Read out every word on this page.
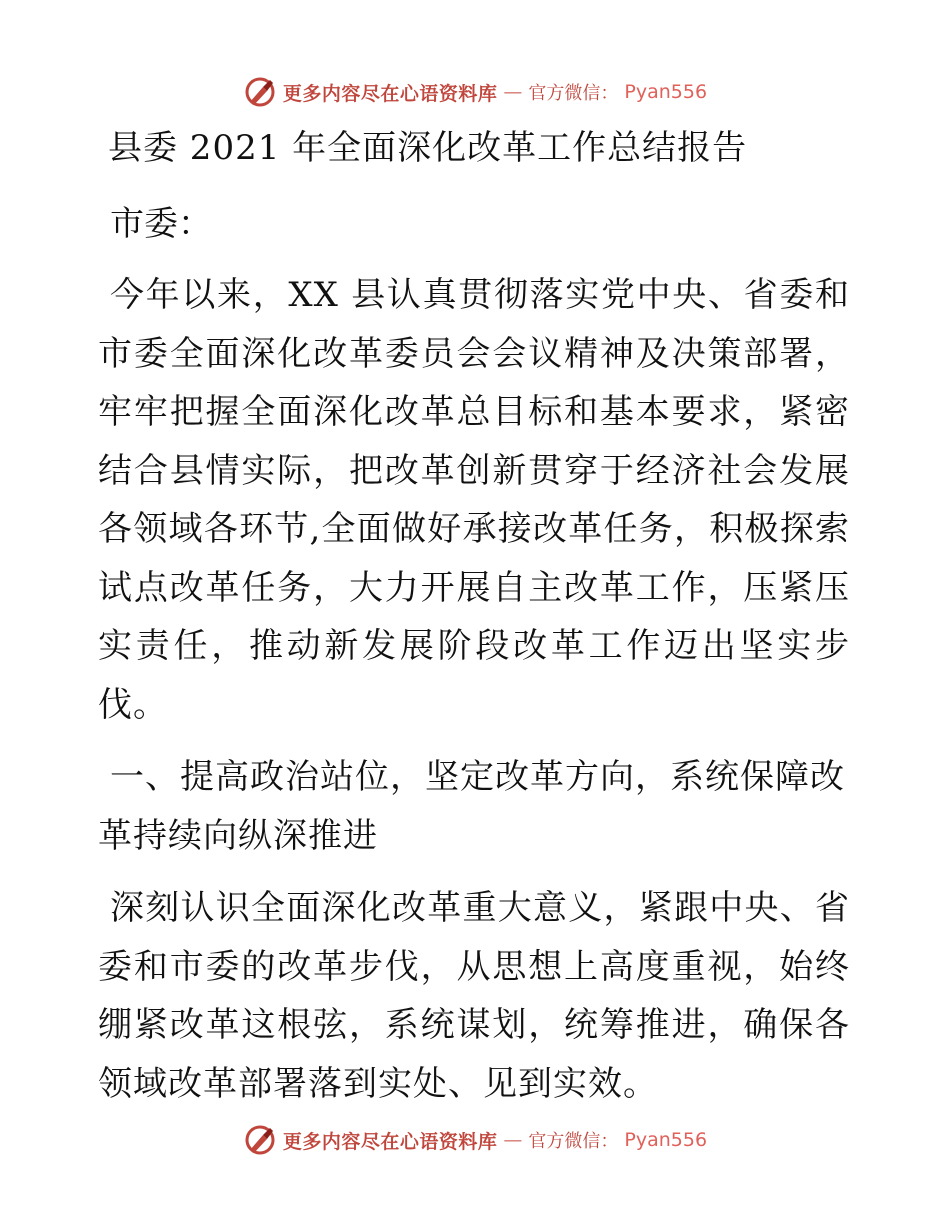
更多内容尽在心语资料库 — 官方微信： Pyan556
县委 2021 年全面深化改革工作总结报告

市委：

今年以来，XX 县认真贯彻落实党中央、省委和市委全面深化改革委员会会议精神及决策部署，牢牢把握全面深化改革总目标和基本要求，紧密结合县情实际，把改革创新贯穿于经济社会发展各领域各环节,全面做好承接改革任务，积极探索试点改革任务，大力开展自主改革工作，压紧压实责任，推动新发展阶段改革工作迈出坚实步伐。

一、提高政治站位，坚定改革方向，系统保障改革持续向纵深推进

深刻认识全面深化改革重大意义，紧跟中央、省委和市委的改革步伐，从思想上高度重视，始终绷紧改革这根弦，系统谋划，统筹推进，确保各领域改革部署落到实处、见到实效。

更多内容尽在心语资料库 — 官方微信： Pyan556
